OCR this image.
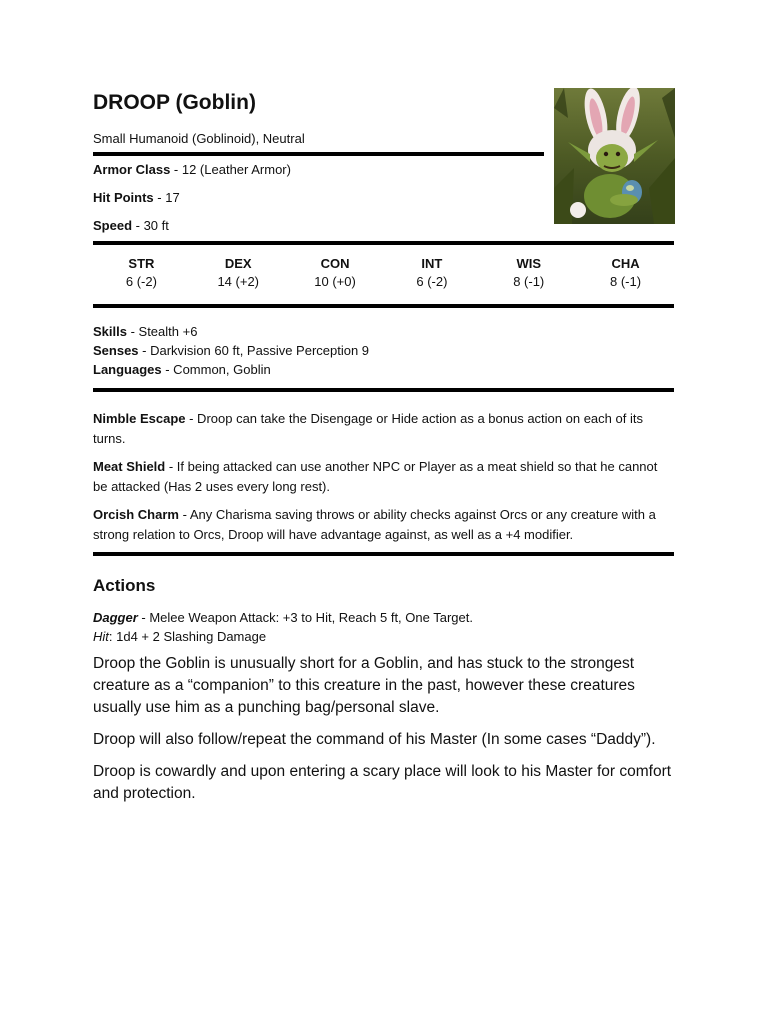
DROOP (Goblin)
Small Humanoid (Goblinoid), Neutral
Armor Class - 12 (Leather Armor)
Hit Points - 17
Speed - 30 ft
STR
6 (-2)
DEX
14 (+2)
CON
10 (+0)
INT
6 (-2)
WIS
8 (-1)
CHA
8 (-1)
Skills - Stealth +6
Senses - Darkvision 60 ft, Passive Perception 9
Languages - Common, Goblin
Nimble Escape - Droop can take the Disengage or Hide action as a bonus action on each of its turns.
Meat Shield - If being attacked can use another NPC or Player as a meat shield so that he cannot be attacked (Has 2 uses every long rest).
Orcish Charm - Any Charisma saving throws or ability checks against Orcs or any creature with a strong relation to Orcs, Droop will have advantage against, as well as a +4 modifier.
Actions
Dagger - Melee Weapon Attack: +3 to Hit, Reach 5 ft, One Target.
Hit: 1d4 + 2 Slashing Damage
Droop the Goblin is unusually short for a Goblin, and has stuck to the strongest creature as a “companion” to this creature in the past, however these creatures usually use him as a punching bag/personal slave.
Droop will also follow/repeat the command of his Master (In some cases “Daddy”).
Droop is cowardly and upon entering a scary place will look to his Master for comfort and protection.
